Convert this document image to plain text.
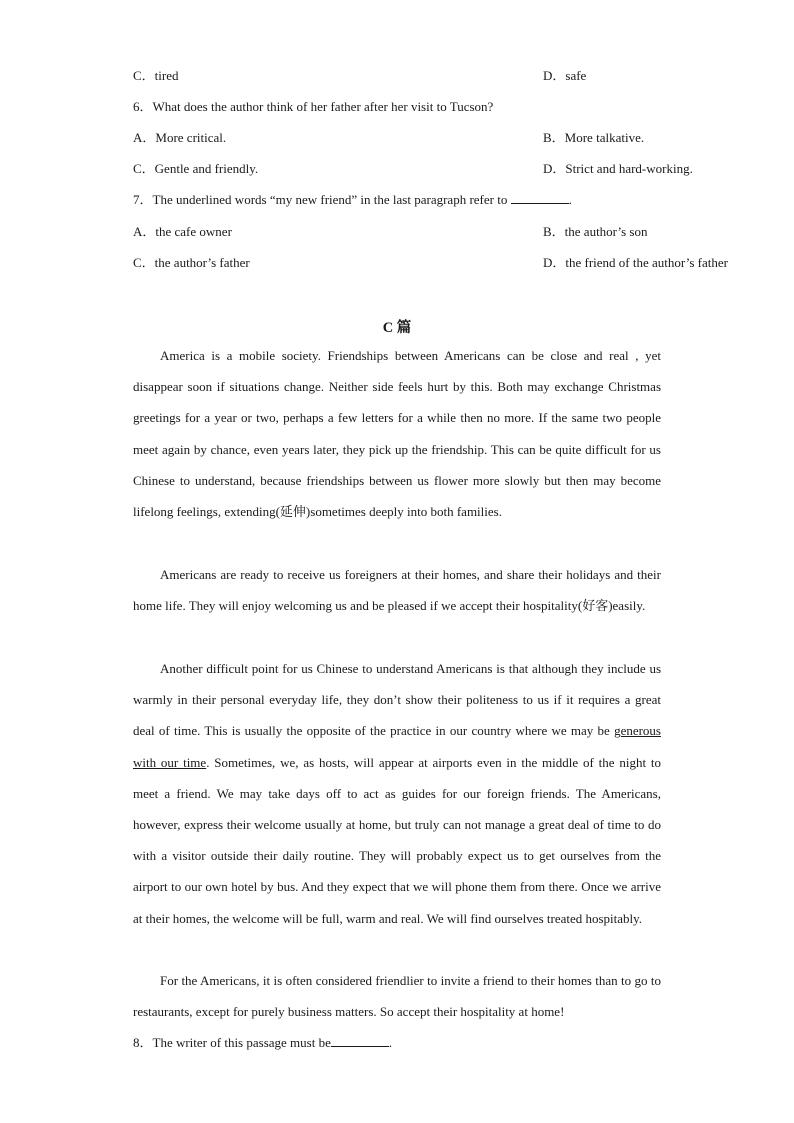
C．tired	D．safe
6．What does the author think of her father after her visit to Tucson?
A．More critical.	B．More talkative.
C．Gentle and friendly.	D．Strict and hard-working.
7．The underlined words “my new friend” in the last paragraph refer to	.
A．the cafe owner	B．the author’s son
C．the author’s father	D．the friend of the author’s father
C 篇

America is a mobile society. Friendships between Americans can be close and real , yet disappear soon if situations change. Neither side feels hurt by this. Both may exchange Christmas greetings for a year or two, perhaps a few letters for a while then no more. If the same two people meet again by chance, even years later, they pick up the friendship. This can be quite difficult for us Chinese to understand, because friendships between us flower more slowly but then may become lifelong feelings, extending(延伸)sometimes deeply into both families.

Americans are ready to receive us foreigners at their homes, and share their holidays and their home life. They will enjoy welcoming us and be pleased if we accept their hospitality(好客)easily.

Another difficult point for us Chinese to understand Americans is that although they include us warmly in their personal everyday life, they don’t show their politeness to us if it requires a great deal of time. This is usually the opposite of the practice in our country where we may be generous with our time. Sometimes, we, as hosts, will appear at airports even in the middle of the night to meet a friend. We may take days off to act as guides for our foreign friends. The Americans, however, express their welcome usually at home, but truly can not manage a great deal of time to do with a visitor outside their daily routine. They will probably expect us to get ourselves from the airport to our own hotel by bus. And they expect that we will phone them from there. Once we arrive at their homes, the welcome will be full, warm and real. We will find ourselves treated hospitably.

For the Americans, it is often considered friendlier to invite a friend to their homes than to go to restaurants, except for purely business matters. So accept their hospitality at home!

8．The writer of this passage must be	.
